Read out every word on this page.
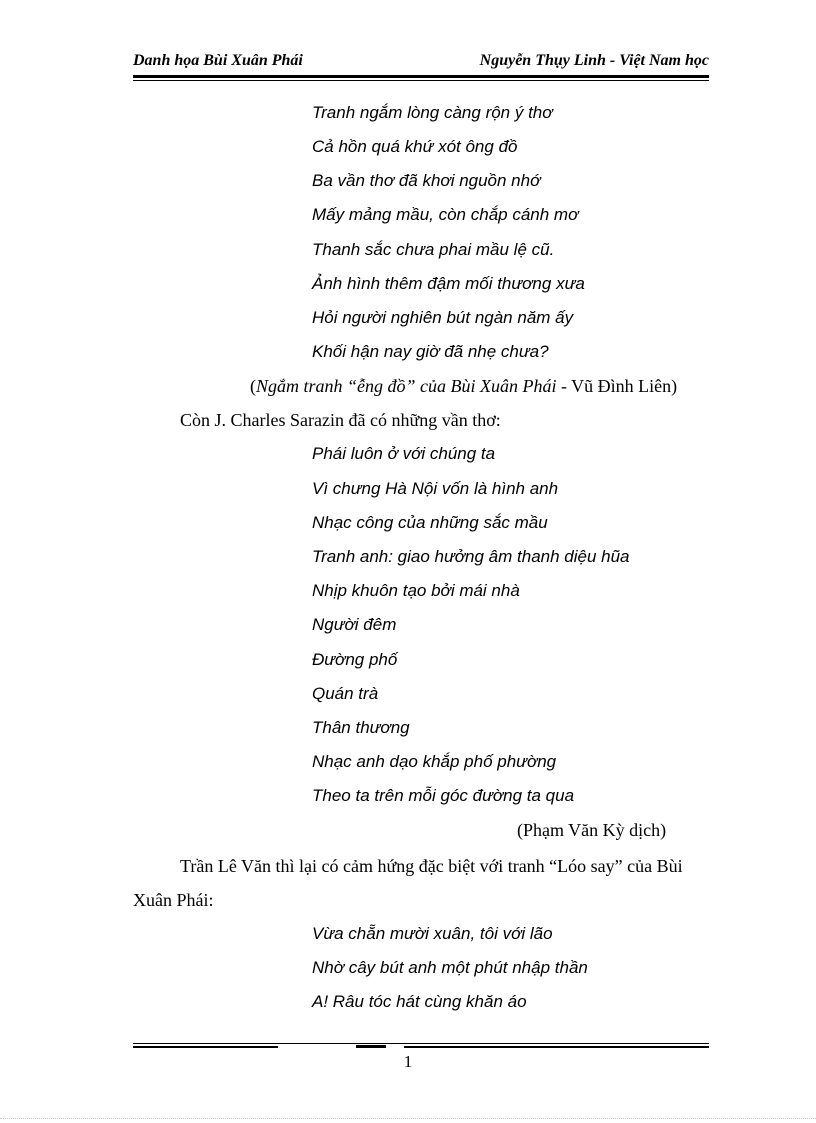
Danh họa Bùi Xuân Phái	Nguyễn Thụy Linh - Việt Nam học
Tranh ngắm lòng càng rộn ý thơ
Cả hồn quá khứ xót ông đồ
Ba vần thơ đã khơi nguồn nhớ
Mấy mảng mầu, còn chắp cánh mơ
Thanh sắc chưa phai mầu lệ cũ.
Ảnh hình thêm đậm mối thương xưa
Hỏi người nghiên bút ngàn năm ấy
Khối hận nay giờ đã nhẹ chưa?
(Ngắm tranh “ễng đồ” của Bùi Xuân Phái - Vũ Đình Liên)
Còn J. Charles Sarazin đã có những vần thơ:
Phái luôn ở với chúng ta
Vì chưng Hà Nội vốn là hình anh
Nhạc công của những sắc mầu
Tranh anh: giao hưởng âm thanh diệu hũa
Nhịp khuôn tạo bởi mái nhà
Người đêm
Đường phố
Quán trà
Thân thương
Nhạc anh dạo khắp phố phường
Theo ta trên mỗi góc đường ta qua
(Phạm Văn Kỳ dịch)
Trần Lê Văn thì lại có cảm hứng đặc biệt với tranh “Lóo say” của Bùi
Xuân Phái:
Vừa chẵn mười xuân, tôi với lão
Nhờ cây bút anh một phút nhập thần
A! Râu tóc hát cùng khăn áo
1
